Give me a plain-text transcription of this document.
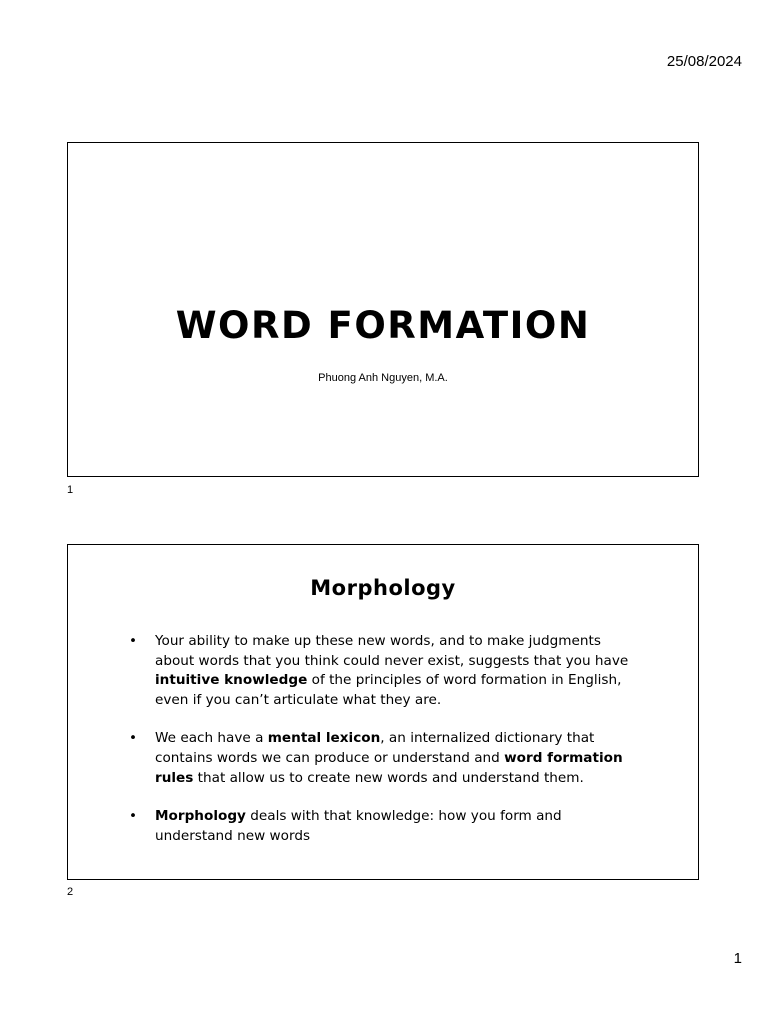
25/08/2024
WORD FORMATION

Phuong Anh Nguyen, M.A.

1
Morphology
• Your ability to make up these new words, and to make judgments about words that you think could never exist, suggests that you have intuitive knowledge of the principles of word formation in English, even if you can’t articulate what they are.
• We each have a mental lexicon, an internalized dictionary that contains words we can produce or understand and word formation rules that allow us to create new words and understand them.
• Morphology deals with that knowledge: how you form and understand new words
2
1
